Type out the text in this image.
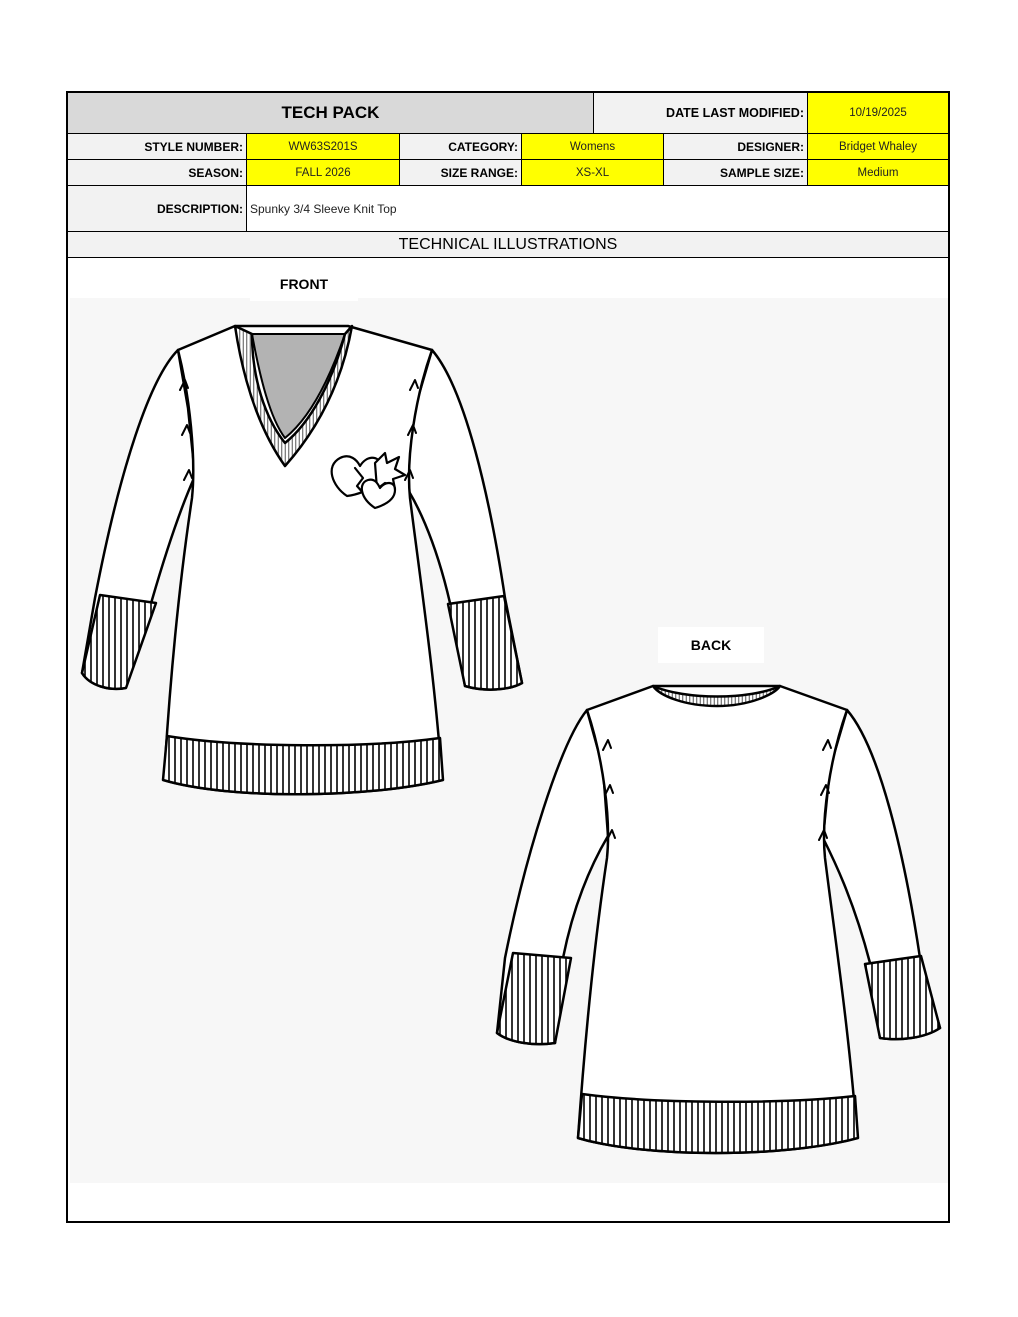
TECH PACK	DATE LAST MODIFIED:	10/19/2025
STYLE NUMBER:	WW63S201S	CATEGORY:	Womens	DESIGNER:	Bridget Whaley
SEASON:	FALL 2026	SIZE RANGE:	XS-XL	SAMPLE SIZE:	Medium
DESCRIPTION: Spunky 3/4 Sleeve Knit Top
TECHNICAL ILLUSTRATIONS
FRONT
BACK
